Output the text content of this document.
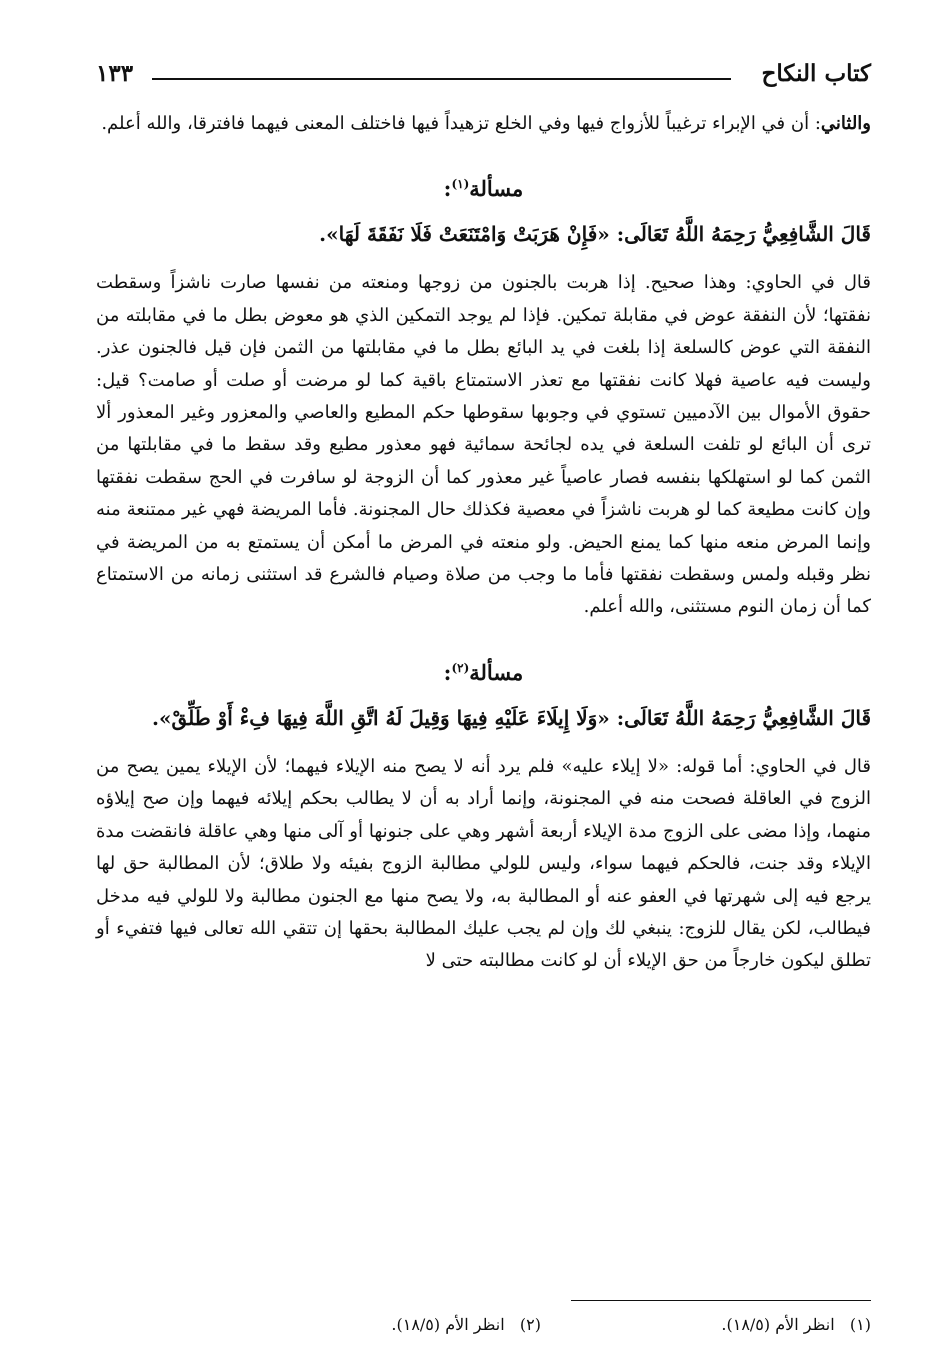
كتاب النكاح
١٣٣

والثاني: أن في الإبراء ترغيباً للأزواج فيها وفي الخلع تزهيداً فيها فاختلف المعنى فيهما فافترقا، والله أعلم.

مسألة$^{(١)}$:
قَالَ الشَّافِعِيُّ رَحِمَهُ اللَّهُ تَعَالَى: «فَإِنْ هَرَبَتْ وَامْتَنَعَتْ فَلَا نَفَقَةَ لَهَا».

قال في الحاوي: وهذا صحيح. إذا هربت بالجنون من زوجها ومنعته من نفسها صارت ناشزاً وسقطت نفقتها؛ لأن النفقة عوض في مقابلة تمكين. فإذا لم يوجد التمكين الذي هو معوض بطل ما في مقابلته من النفقة التي عوض كالسلعة إذا بلغت في يد البائع بطل ما في مقابلتها من الثمن فإن قيل فالجنون عذر. وليست فيه عاصية فهلا كانت نفقتها مع تعذر الاستمتاع باقية كما لو مرضت أو صلت أو صامت؟ قيل: حقوق الأموال بين الآدميين تستوي في وجوبها سقوطها حكم المطيع والعاصي والمعزور وغير المعذور ألا ترى أن البائع لو تلفت السلعة في يده لجائحة سمائية فهو معذور مطيع وقد سقط ما في مقابلتها من الثمن كما لو استهلكها بنفسه فصار عاصياً غير معذور كما أن الزوجة لو سافرت في الحج سقطت نفقتها وإن كانت مطيعة كما لو هربت ناشزاً في معصية فكذلك حال المجنونة. فأما المريضة فهي غير ممتنعة منه وإنما المرض منعه منها كما يمنع الحيض. ولو منعته في المرض ما أمكن أن يستمتع به من المريضة في نظر وقبله ولمس وسقطت نفقتها فأما ما وجب من صلاة وصيام فالشرع قد استثنى زمانه من الاستمتاع كما أن زمان النوم مستثنى، والله أعلم.

مسألة$^{(٢)}$:
قَالَ الشَّافِعِيُّ رَحِمَهُ اللَّهُ تَعَالَى: «وَلَا إِيلَاءَ عَلَيْهِ فِيهَا وَقِيلَ لَهُ اتَّقِ اللَّهَ فِيهَا فِءْ أَوْ طَلِّقْ».

قال في الحاوي: أما قوله: «لا إيلاء عليه» فلم يرد أنه لا يصح منه الإيلاء فيهما؛ لأن الإيلاء يمين يصح من الزوج في العاقلة فصحت منه في المجنونة، وإنما أراد به أن لا يطالب بحكم إيلائه فيهما وإن صح إيلاؤه منهما، وإذا مضى على الزوج مدة الإيلاء أربعة أشهر وهي على جنونها أو آلى منها وهي عاقلة فانقضت مدة الإيلاء وقد جنت، فالحكم فيهما سواء، وليس للولي مطالبة الزوج بفيئه ولا طلاق؛ لأن المطالبة حق لها يرجع فيه إلى شهرتها في العفو عنه أو المطالبة به، ولا يصح منها مع الجنون مطالبة ولا للولي فيه مدخل فيطالب، لكن يقال للزوج: ينبغي لك وإن لم يجب عليك المطالبة بحقها إن تتقي الله تعالى فيها فتفيء أو تطلق ليكون خارجاً من حق الإيلاء أن لو كانت مطالبته حتى لا

(١)   انظر الأم (١٨/٥).
(٢)   انظر الأم (١٨/٥).
